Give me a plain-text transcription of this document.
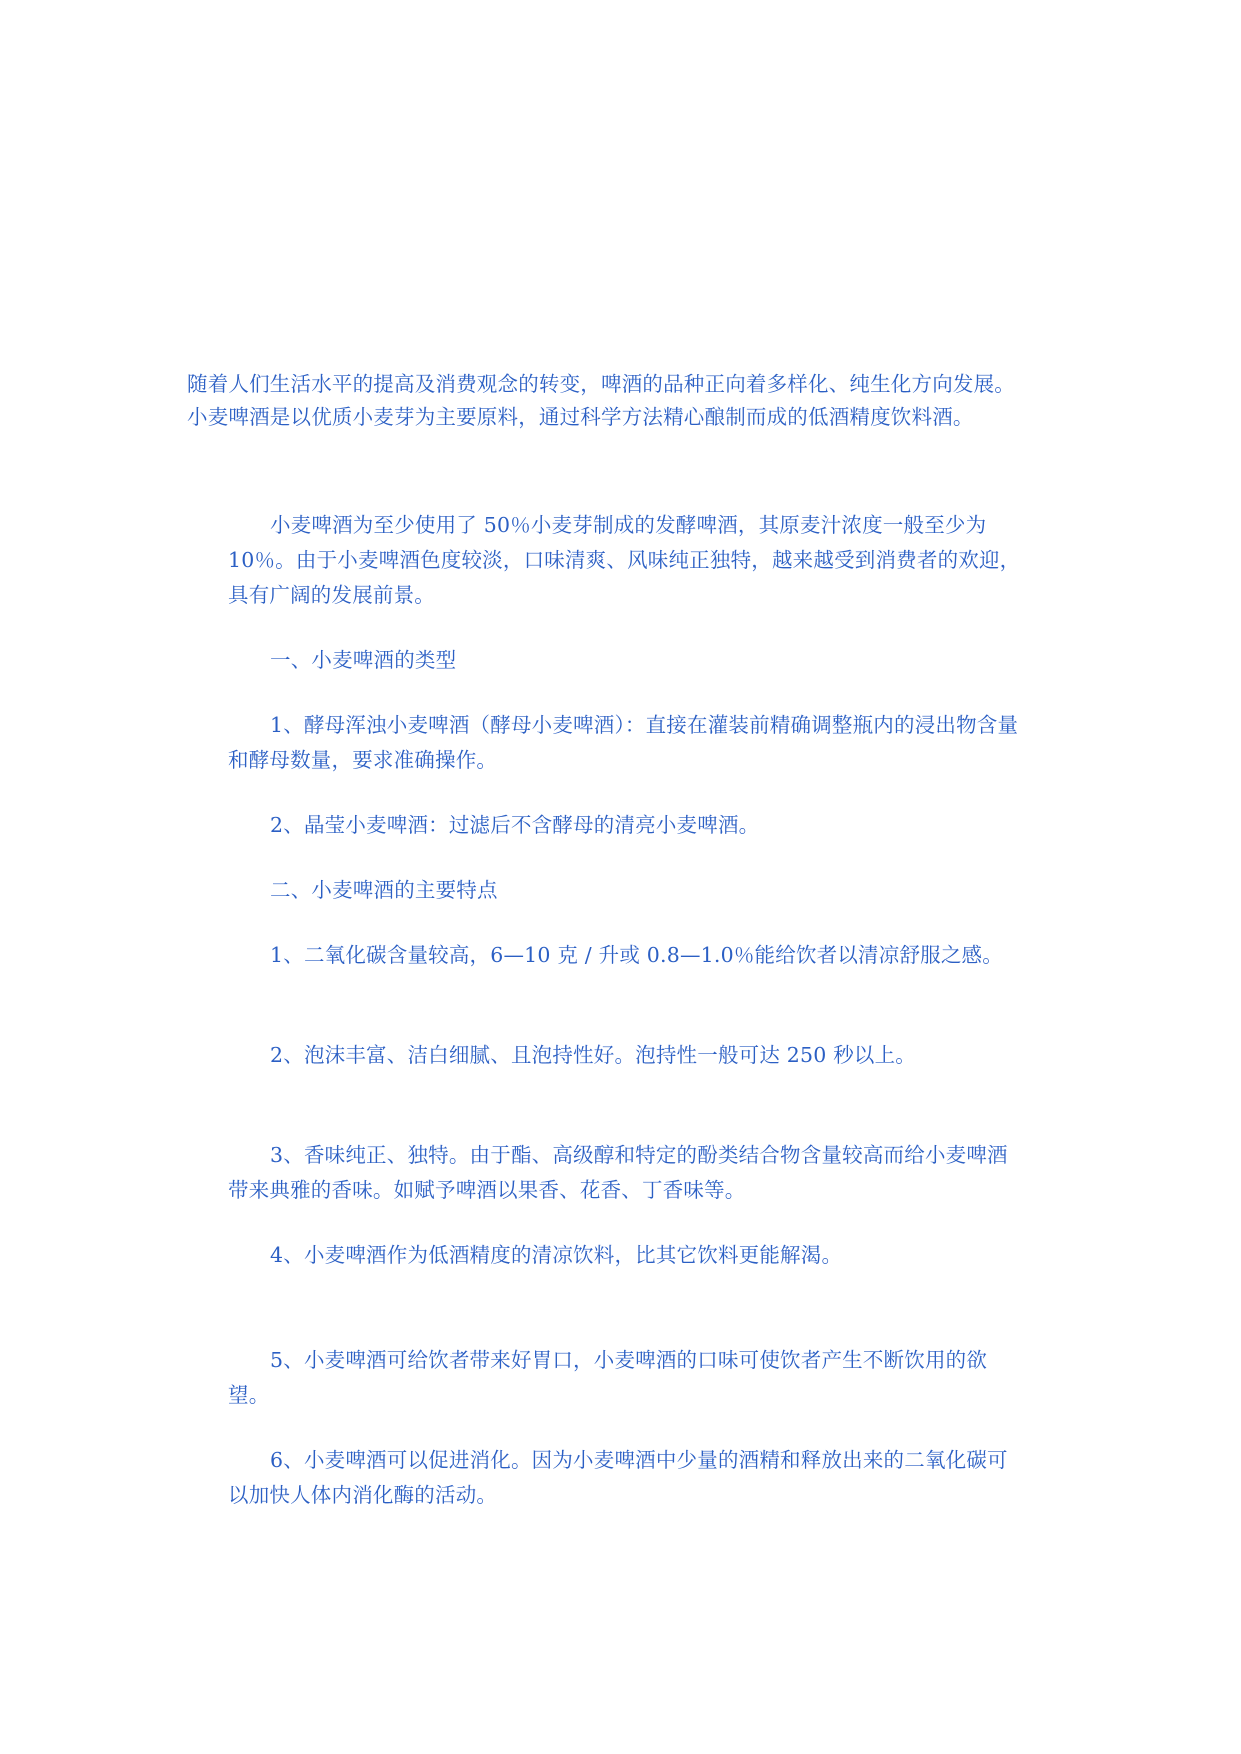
随着人们生活水平的提高及消费观念的转变，啤酒的品种正向着多样化、纯生化方向发展。

小麦啤酒是以优质小麦芽为主要原料，通过科学方法精心酿制而成的低酒精度饮料酒。

小麦啤酒为至少使用了 50％小麦芽制成的发酵啤酒，其原麦汁浓度一般至少为 10％。由于小麦啤酒色度较淡，口味清爽、风味纯正独特，越来越受到消费者的欢迎，具有广阔的发展前景。

一、小麦啤酒的类型

1、酵母浑浊小麦啤酒（酵母小麦啤酒）：直接在灌装前精确调整瓶内的浸出物含量和酵母数量，要求准确操作。

2、晶莹小麦啤酒：过滤后不含酵母的清亮小麦啤酒。

二、小麦啤酒的主要特点

1、二氧化碳含量较高，6—10 克 / 升或 0.8—1.0％能给饮者以清凉舒服之感。

2、泡沫丰富、洁白细腻、且泡持性好。泡持性一般可达 250 秒以上。

3、香味纯正、独特。由于酯、高级醇和特定的酚类结合物含量较高而给小麦啤酒带来典雅的香味。如赋予啤酒以果香、花香、丁香味等。

4、小麦啤酒作为低酒精度的清凉饮料，比其它饮料更能解渴。

5、小麦啤酒可给饮者带来好胃口，小麦啤酒的口味可使饮者产生不断饮用的欲望。

6、小麦啤酒可以促进消化。因为小麦啤酒中少量的酒精和释放出来的二氧化碳可以加快人体内消化酶的活动。
